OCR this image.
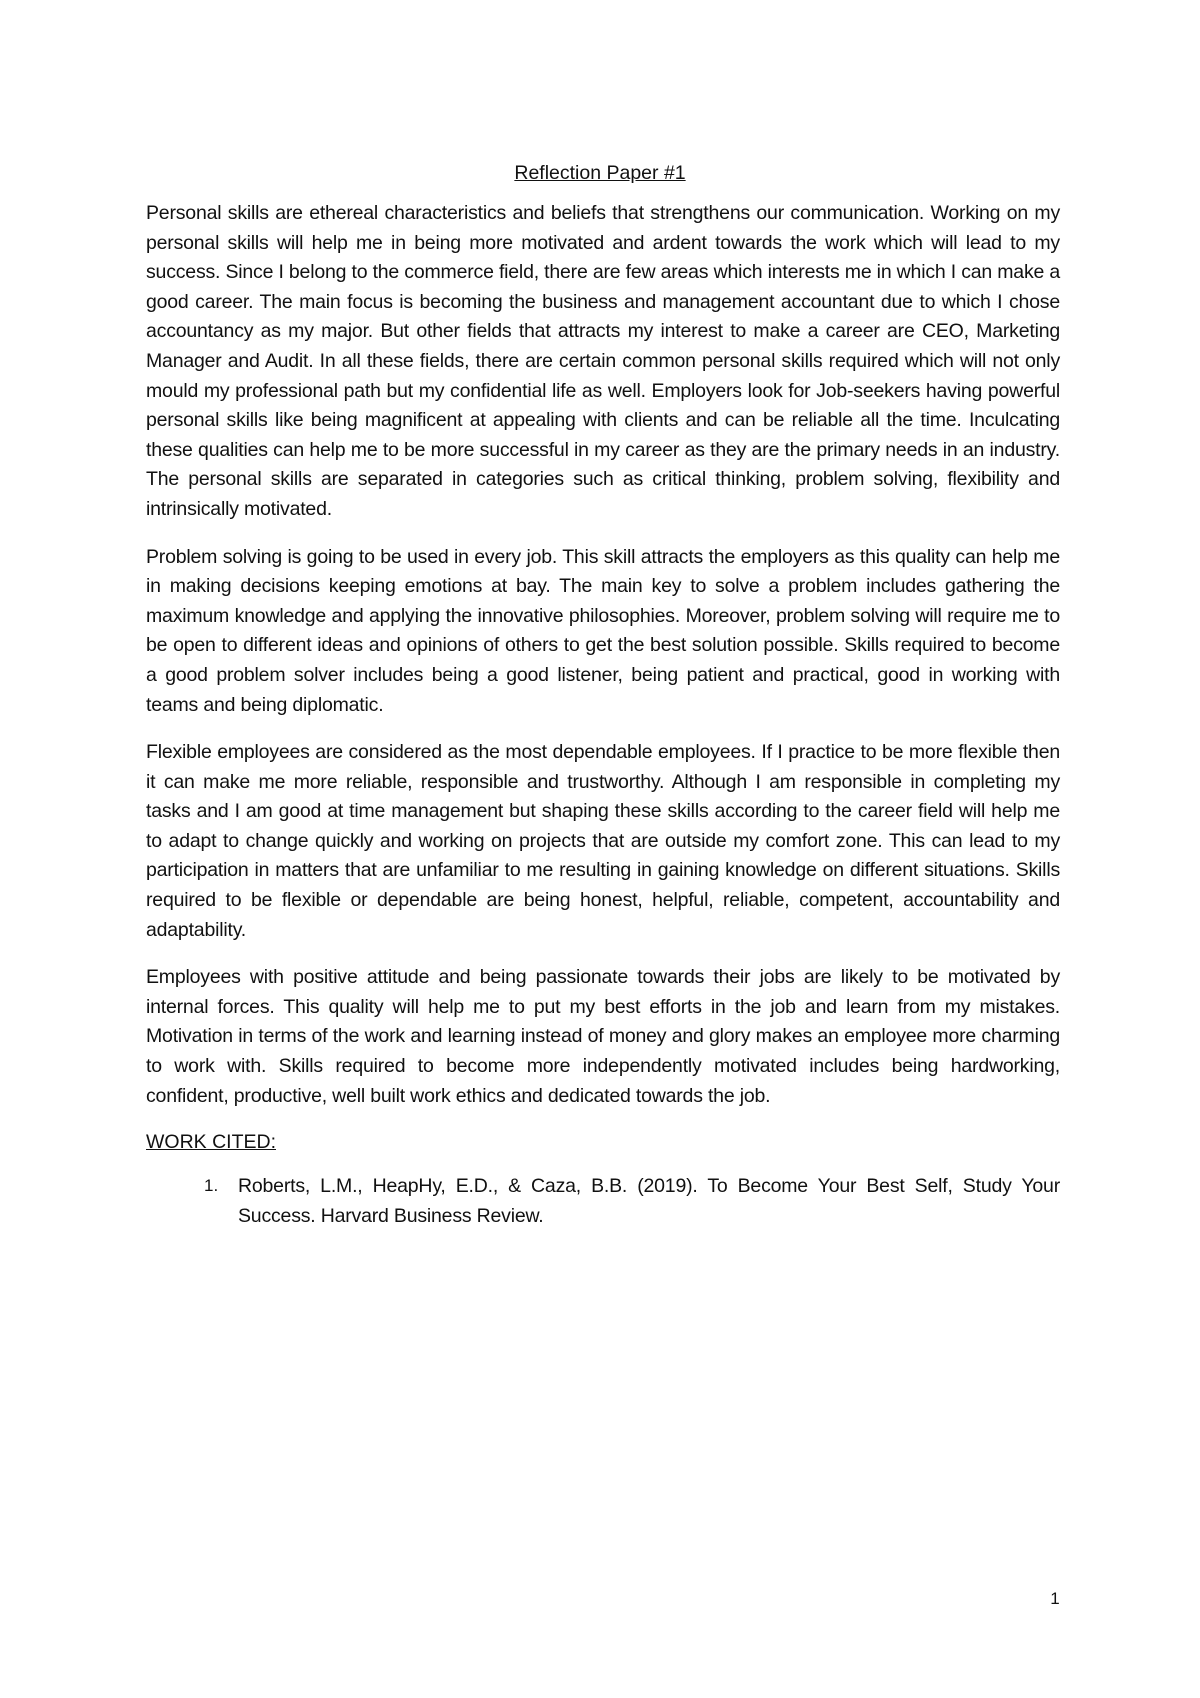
Reflection Paper #1

Personal skills are ethereal characteristics and beliefs that strengthens our communication. Working on my personal skills will help me in being more motivated and ardent towards the work which will lead to my success. Since I belong to the commerce field, there are few areas which interests me in which I can make a good career. The main focus is becoming the business and management accountant due to which I chose accountancy as my major. But other fields that attracts my interest to make a career are CEO, Marketing Manager and Audit. In all these fields, there are certain common personal skills required which will not only mould my professional path but my confidential life as well. Employers look for Job-seekers having powerful personal skills like being magnificent at appealing with clients and can be reliable all the time. Inculcating these qualities can help me to be more successful in my career as they are the primary needs in an industry. The personal skills are separated in categories such as critical thinking, problem solving, flexibility and intrinsically motivated.

Problem solving is going to be used in every job. This skill attracts the employers as this quality can help me in making decisions keeping emotions at bay. The main key to solve a problem includes gathering the maximum knowledge and applying the innovative philosophies. Moreover, problem solving will require me to be open to different ideas and opinions of others to get the best solution possible. Skills required to become a good problem solver includes being a good listener, being patient and practical, good in working with teams and being diplomatic.

Flexible employees are considered as the most dependable employees. If I practice to be more flexible then it can make me more reliable, responsible and trustworthy. Although I am responsible in completing my tasks and I am good at time management but shaping these skills according to the career field will help me to adapt to change quickly and working on projects that are outside my comfort zone. This can lead to my participation in matters that are unfamiliar to me resulting in gaining knowledge on different situations. Skills required to be flexible or dependable are being honest, helpful, reliable, competent, accountability and adaptability.

Employees with positive attitude and being passionate towards their jobs are likely to be motivated by internal forces. This quality will help me to put my best efforts in the job and learn from my mistakes. Motivation in terms of the work and learning instead of money and glory makes an employee more charming to work with. Skills required to become more independently motivated includes being hardworking, confident, productive, well built work ethics and dedicated towards the job.

WORK CITED:
1.	Roberts, L.M., HeapHy, E.D., & Caza, B.B. (2019). To Become Your Best Self, Study Your Success. Harvard Business Review.
1
